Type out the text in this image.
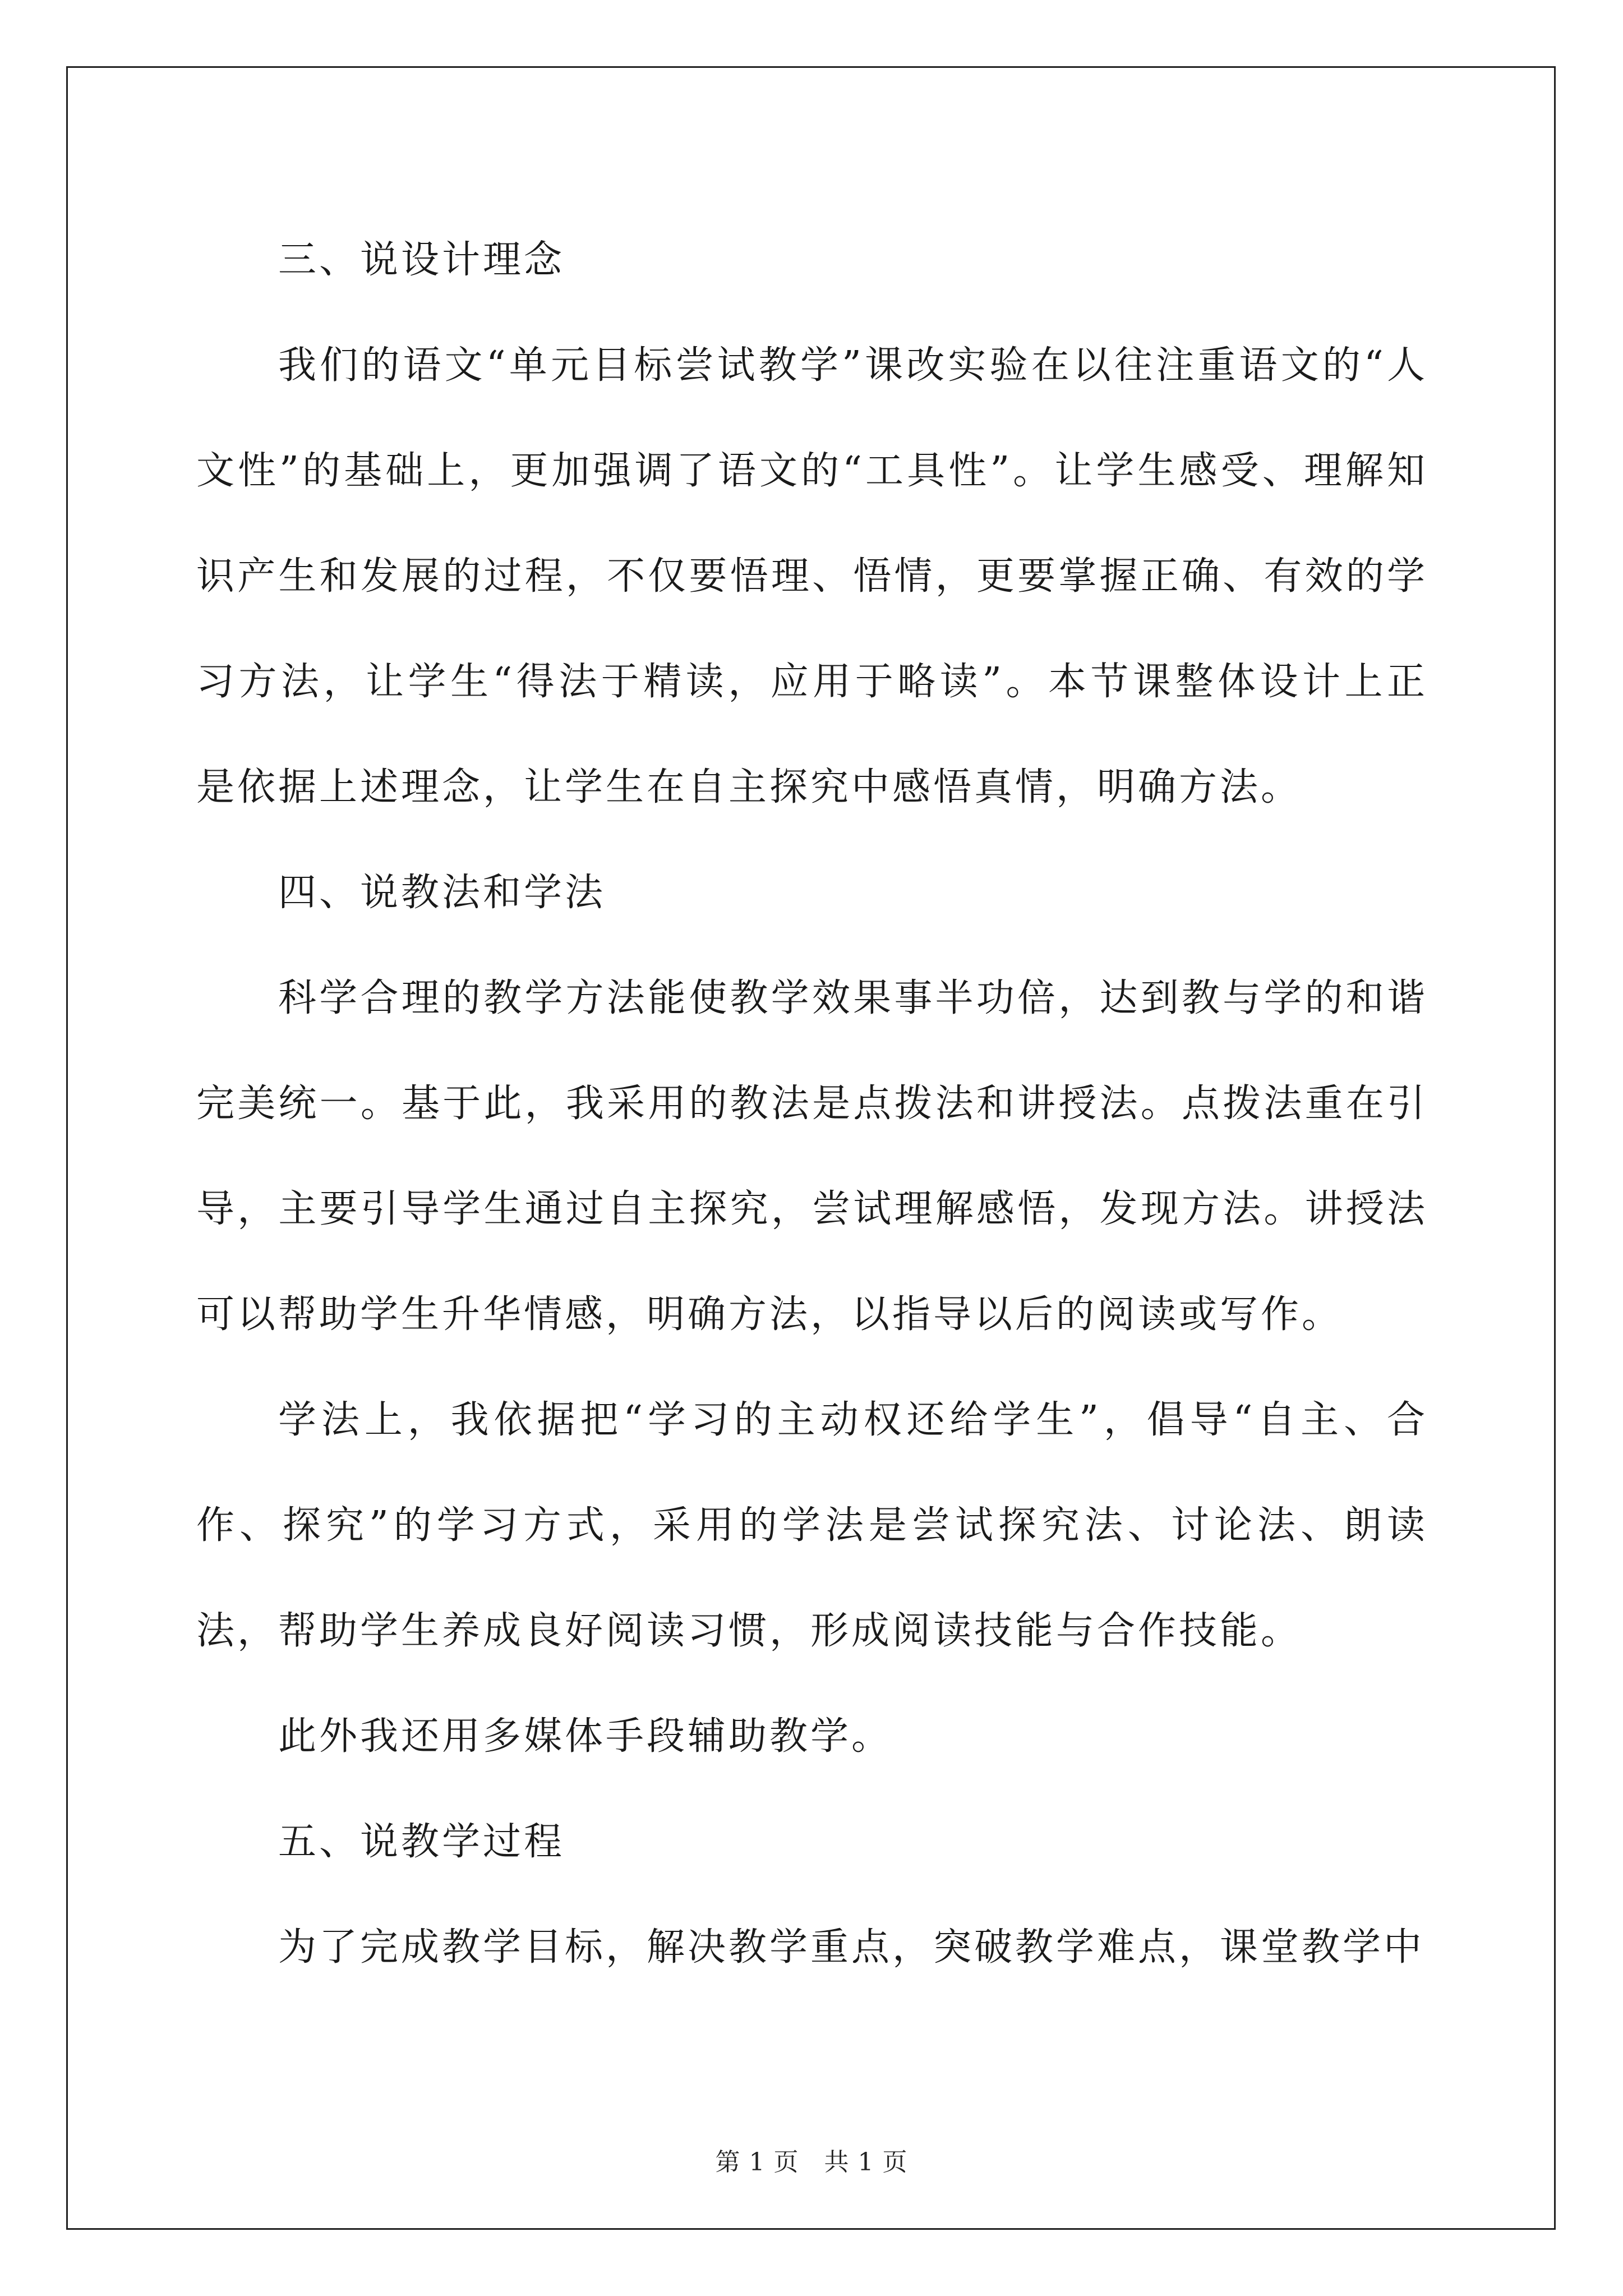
三、说设计理念

我们的语文“单元目标尝试教学”课改实验在以往注重语文的“人文性”的基础上，更加强调了语文的“工具性”。让学生感受、理解知识产生和发展的过程，不仅要悟理、悟情，更要掌握正确、有效的学习方法，让学生“得法于精读，应用于略读”。本节课整体设计上正是依据上述理念，让学生在自主探究中感悟真情，明确方法。

四、说教法和学法

科学合理的教学方法能使教学效果事半功倍，达到教与学的和谐完美统一。基于此，我采用的教法是点拨法和讲授法。点拨法重在引导，主要引导学生通过自主探究，尝试理解感悟，发现方法。讲授法可以帮助学生升华情感，明确方法，以指导以后的阅读或写作。

学法上，我依据把“学习的主动权还给学生”，倡导“自主、合作、探究”的学习方式，采用的学法是尝试探究法、讨论法、朗读法，帮助学生养成良好阅读习惯，形成阅读技能与合作技能。

此外我还用多媒体手段辅助教学。

五、说教学过程

为了完成教学目标，解决教学重点，突破教学难点，课堂教学中

第 1 页　共 1 页
